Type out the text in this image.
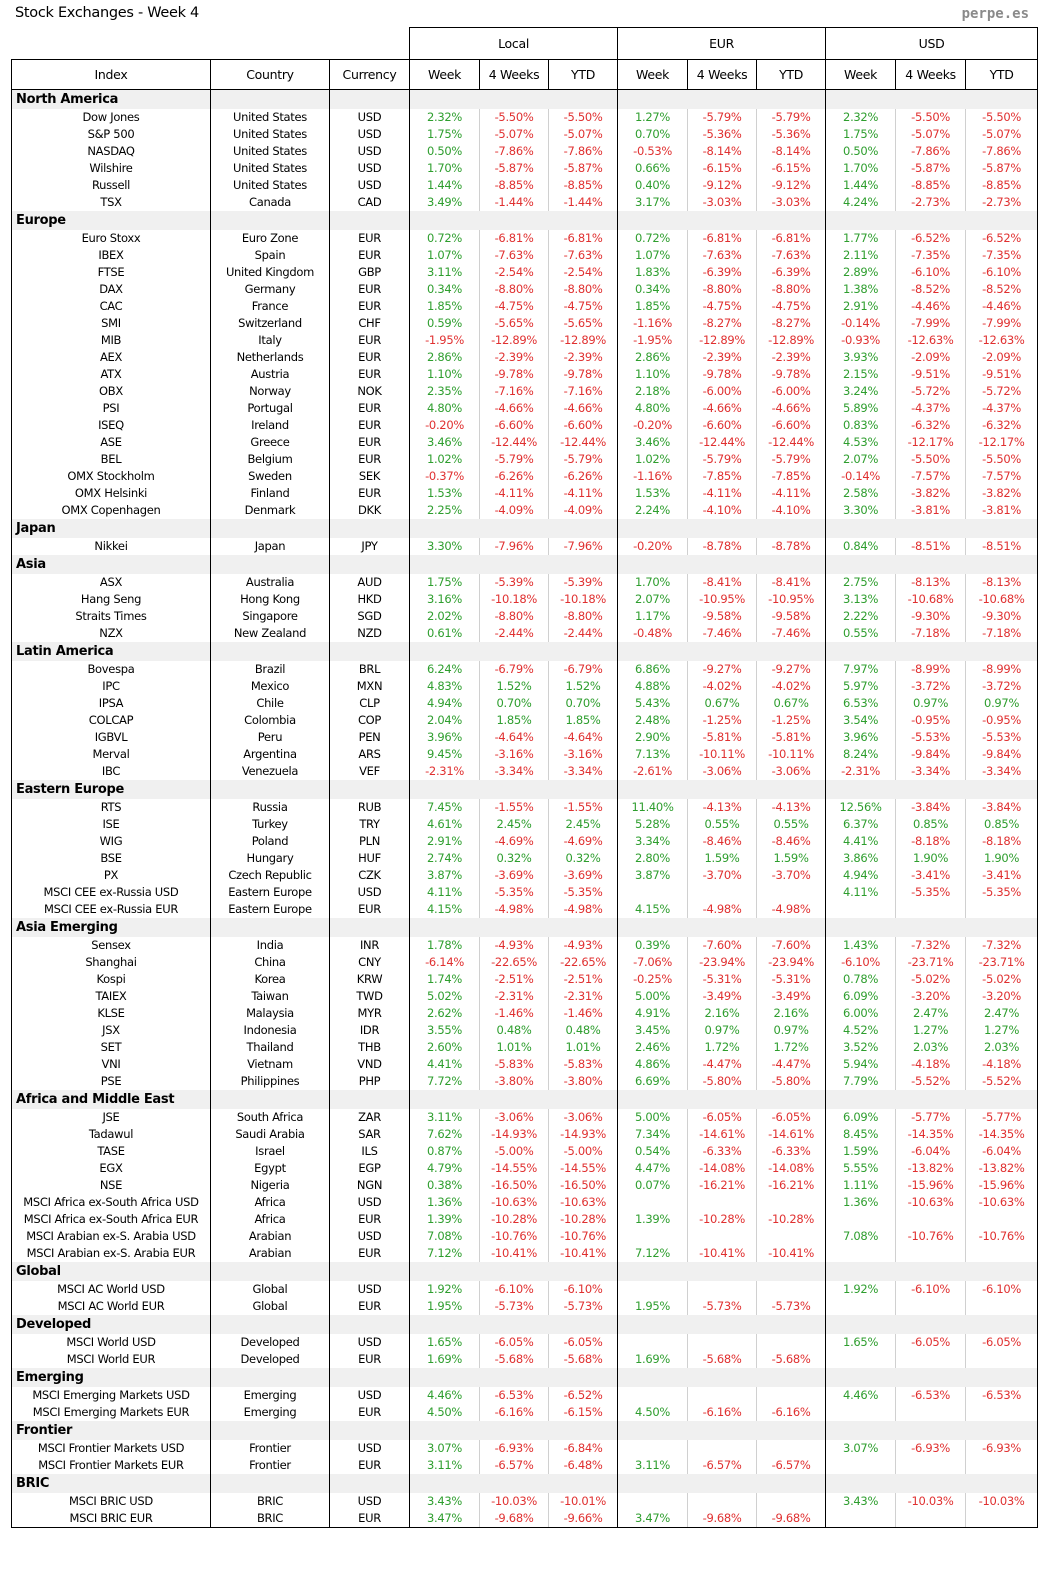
Stock Exchanges - Week 4	perpe.es
			Local			EUR			USD		
Index	Country	Currency	Week	4 Weeks	YTD	Week	4 Weeks	YTD	Week	4 Weeks	YTD
North America											
Dow Jones	United States	USD	2.32%	-5.50%	-5.50%	1.27%	-5.79%	-5.79%	2.32%	-5.50%	-5.50%
S&P 500	United States	USD	1.75%	-5.07%	-5.07%	0.70%	-5.36%	-5.36%	1.75%	-5.07%	-5.07%
NASDAQ	United States	USD	0.50%	-7.86%	-7.86%	-0.53%	-8.14%	-8.14%	0.50%	-7.86%	-7.86%
Wilshire	United States	USD	1.70%	-5.87%	-5.87%	0.66%	-6.15%	-6.15%	1.70%	-5.87%	-5.87%
Russell	United States	USD	1.44%	-8.85%	-8.85%	0.40%	-9.12%	-9.12%	1.44%	-8.85%	-8.85%
TSX	Canada	CAD	3.49%	-1.44%	-1.44%	3.17%	-3.03%	-3.03%	4.24%	-2.73%	-2.73%
Europe											
Euro Stoxx	Euro Zone	EUR	0.72%	-6.81%	-6.81%	0.72%	-6.81%	-6.81%	1.77%	-6.52%	-6.52%
IBEX	Spain	EUR	1.07%	-7.63%	-7.63%	1.07%	-7.63%	-7.63%	2.11%	-7.35%	-7.35%
FTSE	United Kingdom	GBP	3.11%	-2.54%	-2.54%	1.83%	-6.39%	-6.39%	2.89%	-6.10%	-6.10%
DAX	Germany	EUR	0.34%	-8.80%	-8.80%	0.34%	-8.80%	-8.80%	1.38%	-8.52%	-8.52%
CAC	France	EUR	1.85%	-4.75%	-4.75%	1.85%	-4.75%	-4.75%	2.91%	-4.46%	-4.46%
SMI	Switzerland	CHF	0.59%	-5.65%	-5.65%	-1.16%	-8.27%	-8.27%	-0.14%	-7.99%	-7.99%
MIB	Italy	EUR	-1.95%	-12.89%	-12.89%	-1.95%	-12.89%	-12.89%	-0.93%	-12.63%	-12.63%
AEX	Netherlands	EUR	2.86%	-2.39%	-2.39%	2.86%	-2.39%	-2.39%	3.93%	-2.09%	-2.09%
ATX	Austria	EUR	1.10%	-9.78%	-9.78%	1.10%	-9.78%	-9.78%	2.15%	-9.51%	-9.51%
OBX	Norway	NOK	2.35%	-7.16%	-7.16%	2.18%	-6.00%	-6.00%	3.24%	-5.72%	-5.72%
PSI	Portugal	EUR	4.80%	-4.66%	-4.66%	4.80%	-4.66%	-4.66%	5.89%	-4.37%	-4.37%
ISEQ	Ireland	EUR	-0.20%	-6.60%	-6.60%	-0.20%	-6.60%	-6.60%	0.83%	-6.32%	-6.32%
ASE	Greece	EUR	3.46%	-12.44%	-12.44%	3.46%	-12.44%	-12.44%	4.53%	-12.17%	-12.17%
BEL	Belgium	EUR	1.02%	-5.79%	-5.79%	1.02%	-5.79%	-5.79%	2.07%	-5.50%	-5.50%
OMX Stockholm	Sweden	SEK	-0.37%	-6.26%	-6.26%	-1.16%	-7.85%	-7.85%	-0.14%	-7.57%	-7.57%
OMX Helsinki	Finland	EUR	1.53%	-4.11%	-4.11%	1.53%	-4.11%	-4.11%	2.58%	-3.82%	-3.82%
OMX Copenhagen	Denmark	DKK	2.25%	-4.09%	-4.09%	2.24%	-4.10%	-4.10%	3.30%	-3.81%	-3.81%
Japan											
Nikkei	Japan	JPY	3.30%	-7.96%	-7.96%	-0.20%	-8.78%	-8.78%	0.84%	-8.51%	-8.51%
Asia											
ASX	Australia	AUD	1.75%	-5.39%	-5.39%	1.70%	-8.41%	-8.41%	2.75%	-8.13%	-8.13%
Hang Seng	Hong Kong	HKD	3.16%	-10.18%	-10.18%	2.07%	-10.95%	-10.95%	3.13%	-10.68%	-10.68%
Straits Times	Singapore	SGD	2.02%	-8.80%	-8.80%	1.17%	-9.58%	-9.58%	2.22%	-9.30%	-9.30%
NZX	New Zealand	NZD	0.61%	-2.44%	-2.44%	-0.48%	-7.46%	-7.46%	0.55%	-7.18%	-7.18%
Latin America											
Bovespa	Brazil	BRL	6.24%	-6.79%	-6.79%	6.86%	-9.27%	-9.27%	7.97%	-8.99%	-8.99%
IPC	Mexico	MXN	4.83%	1.52%	1.52%	4.88%	-4.02%	-4.02%	5.97%	-3.72%	-3.72%
IPSA	Chile	CLP	4.94%	0.70%	0.70%	5.43%	0.67%	0.67%	6.53%	0.97%	0.97%
COLCAP	Colombia	COP	2.04%	1.85%	1.85%	2.48%	-1.25%	-1.25%	3.54%	-0.95%	-0.95%
IGBVL	Peru	PEN	3.96%	-4.64%	-4.64%	2.90%	-5.81%	-5.81%	3.96%	-5.53%	-5.53%
Merval	Argentina	ARS	9.45%	-3.16%	-3.16%	7.13%	-10.11%	-10.11%	8.24%	-9.84%	-9.84%
IBC	Venezuela	VEF	-2.31%	-3.34%	-3.34%	-2.61%	-3.06%	-3.06%	-2.31%	-3.34%	-3.34%
Eastern Europe											
RTS	Russia	RUB	7.45%	-1.55%	-1.55%	11.40%	-4.13%	-4.13%	12.56%	-3.84%	-3.84%
ISE	Turkey	TRY	4.61%	2.45%	2.45%	5.28%	0.55%	0.55%	6.37%	0.85%	0.85%
WIG	Poland	PLN	2.91%	-4.69%	-4.69%	3.34%	-8.46%	-8.46%	4.41%	-8.18%	-8.18%
BSE	Hungary	HUF	2.74%	0.32%	0.32%	2.80%	1.59%	1.59%	3.86%	1.90%	1.90%
PX	Czech Republic	CZK	3.87%	-3.69%	-3.69%	3.87%	-3.70%	-3.70%	4.94%	-3.41%	-3.41%
MSCI CEE ex-Russia USD	Eastern Europe	USD	4.11%	-5.35%	-5.35%				4.11%	-5.35%	-5.35%
MSCI CEE ex-Russia EUR	Eastern Europe	EUR	4.15%	-4.98%	-4.98%	4.15%	-4.98%	-4.98%			
Asia Emerging											
Sensex	India	INR	1.78%	-4.93%	-4.93%	0.39%	-7.60%	-7.60%	1.43%	-7.32%	-7.32%
Shanghai	China	CNY	-6.14%	-22.65%	-22.65%	-7.06%	-23.94%	-23.94%	-6.10%	-23.71%	-23.71%
Kospi	Korea	KRW	1.74%	-2.51%	-2.51%	-0.25%	-5.31%	-5.31%	0.78%	-5.02%	-5.02%
TAIEX	Taiwan	TWD	5.02%	-2.31%	-2.31%	5.00%	-3.49%	-3.49%	6.09%	-3.20%	-3.20%
KLSE	Malaysia	MYR	2.62%	-1.46%	-1.46%	4.91%	2.16%	2.16%	6.00%	2.47%	2.47%
JSX	Indonesia	IDR	3.55%	0.48%	0.48%	3.45%	0.97%	0.97%	4.52%	1.27%	1.27%
SET	Thailand	THB	2.60%	1.01%	1.01%	2.46%	1.72%	1.72%	3.52%	2.03%	2.03%
VNI	Vietnam	VND	4.41%	-5.83%	-5.83%	4.86%	-4.47%	-4.47%	5.94%	-4.18%	-4.18%
PSE	Philippines	PHP	7.72%	-3.80%	-3.80%	6.69%	-5.80%	-5.80%	7.79%	-5.52%	-5.52%
Africa and Middle East											
JSE	South Africa	ZAR	3.11%	-3.06%	-3.06%	5.00%	-6.05%	-6.05%	6.09%	-5.77%	-5.77%
Tadawul	Saudi Arabia	SAR	7.62%	-14.93%	-14.93%	7.34%	-14.61%	-14.61%	8.45%	-14.35%	-14.35%
TASE	Israel	ILS	0.87%	-5.00%	-5.00%	0.54%	-6.33%	-6.33%	1.59%	-6.04%	-6.04%
EGX	Egypt	EGP	4.79%	-14.55%	-14.55%	4.47%	-14.08%	-14.08%	5.55%	-13.82%	-13.82%
NSE	Nigeria	NGN	0.38%	-16.50%	-16.50%	0.07%	-16.21%	-16.21%	1.11%	-15.96%	-15.96%
MSCI Africa ex-South Africa USD	Africa	USD	1.36%	-10.63%	-10.63%				1.36%	-10.63%	-10.63%
MSCI Africa ex-South Africa EUR	Africa	EUR	1.39%	-10.28%	-10.28%	1.39%	-10.28%	-10.28%			
MSCI Arabian ex-S. Arabia USD	Arabian	USD	7.08%	-10.76%	-10.76%				7.08%	-10.76%	-10.76%
MSCI Arabian ex-S. Arabia EUR	Arabian	EUR	7.12%	-10.41%	-10.41%	7.12%	-10.41%	-10.41%			
Global											
MSCI AC World USD	Global	USD	1.92%	-6.10%	-6.10%				1.92%	-6.10%	-6.10%
MSCI AC World EUR	Global	EUR	1.95%	-5.73%	-5.73%	1.95%	-5.73%	-5.73%			
Developed											
MSCI World USD	Developed	USD	1.65%	-6.05%	-6.05%				1.65%	-6.05%	-6.05%
MSCI World EUR	Developed	EUR	1.69%	-5.68%	-5.68%	1.69%	-5.68%	-5.68%			
Emerging											
MSCI Emerging Markets USD	Emerging	USD	4.46%	-6.53%	-6.52%				4.46%	-6.53%	-6.53%
MSCI Emerging Markets EUR	Emerging	EUR	4.50%	-6.16%	-6.15%	4.50%	-6.16%	-6.16%			
Frontier											
MSCI Frontier Markets USD	Frontier	USD	3.07%	-6.93%	-6.84%				3.07%	-6.93%	-6.93%
MSCI Frontier Markets EUR	Frontier	EUR	3.11%	-6.57%	-6.48%	3.11%	-6.57%	-6.57%			
BRIC											
MSCI BRIC USD	BRIC	USD	3.43%	-10.03%	-10.01%				3.43%	-10.03%	-10.03%
MSCI BRIC EUR	BRIC	EUR	3.47%	-9.68%	-9.66%	3.47%	-9.68%	-9.68%			
